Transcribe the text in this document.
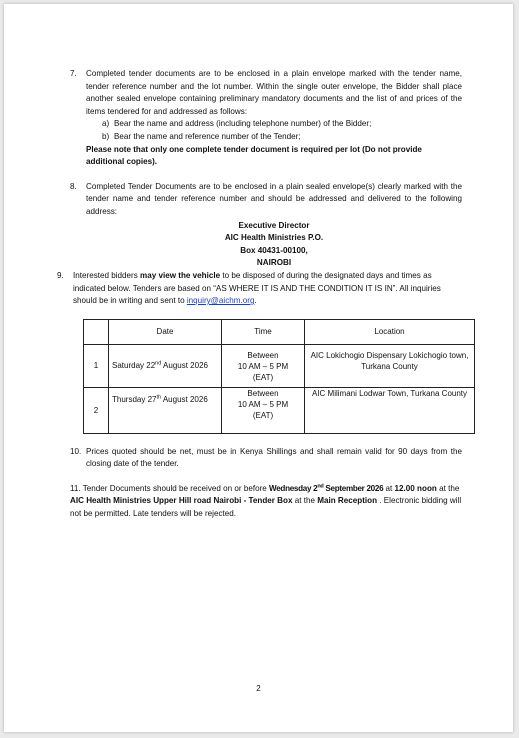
7. Completed tender documents are to be enclosed in a plain envelope marked with the tender name, tender reference number and the lot number. Within the single outer envelope, the Bidder shall place another sealed envelope containing preliminary mandatory documents and the list of and prices of the items tendered for and addressed as follows:
a) Bear the name and address (including telephone number) of the Bidder;
b) Bear the name and reference number of the Tender;
Please note that only one complete tender document is required per lot (Do not provide additional copies).
8. Completed Tender Documents are to be enclosed in a plain sealed envelope(s) clearly marked with the tender name and tender reference number and should be addressed and delivered to the following address:
Executive Director
AIC Health Ministries P.O.
Box 40431-00100,
NAIROBI
9. Interested bidders may view the vehicle to be disposed of during the designated days and times as indicated below. Tenders are based on “AS WHERE IT IS AND THE CONDITION IT IS IN”. All inquiries should be in writing and sent to inquiry@aichm.org.
	Date	Time	Location
1	Saturday 22nd August 2026	Between
10 AM – 5 PM
(EAT)	AIC Lokichogio Dispensary Lokichogio town, Turkana County
2	Thursday 27th August 2026	Between
10 AM – 5 PM
(EAT)	AIC Milimani Lodwar Town, Turkana County
10. Prices quoted should be net, must be in Kenya Shillings and shall remain valid for 90 days from the closing date of the tender.
11. Tender Documents should be received on or before Wednesday 2nd September 2026 at 12.00 noon at the AIC Health Ministries Upper Hill road Nairobi - Tender Box at the Main Reception . Electronic bidding will not be permitted. Late tenders will be rejected.
2
